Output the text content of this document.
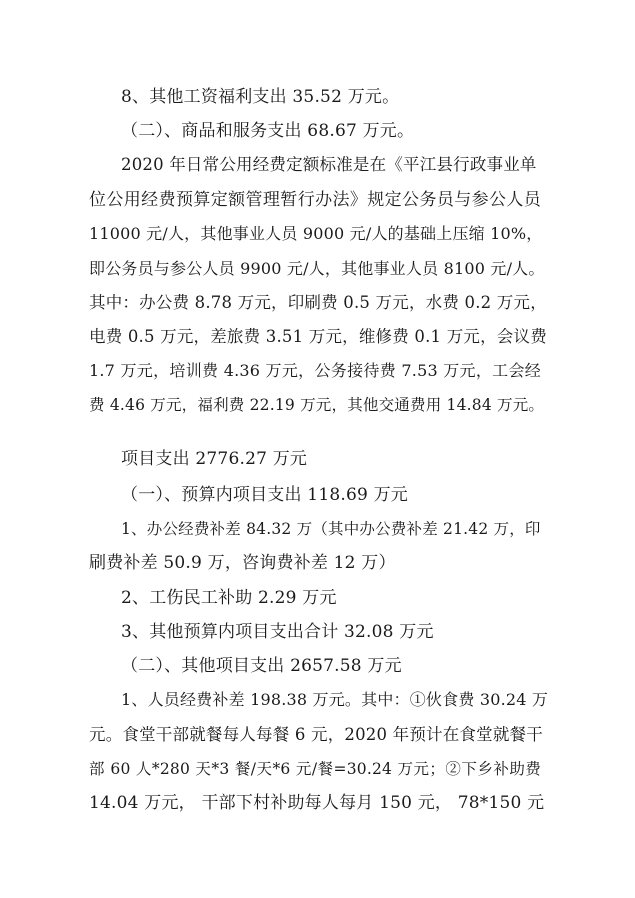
8、其他工资福利支出 35.52 万元。
（二）、商品和服务支出 68.67 万元。
2020 年日常公用经费定额标准是在《平江县行政事业单
位公用经费预算定额管理暂行办法》规定公务员与参公人员
11000 元/人，其他事业人员 9000 元/人的基础上压缩 10%，
即公务员与参公人员 9900 元/人，其他事业人员 8100 元/人。
其中：办公费 8.78 万元，印刷费 0.5 万元，水费 0.2 万元，
电费 0.5 万元，差旅费 3.51 万元，维修费 0.1 万元，会议费
1.7 万元，培训费 4.36 万元，公务接待费 7.53 万元，工会经
费 4.46 万元，福利费 22.19 万元，其他交通费用 14.84 万元。
项目支出 2776.27 万元
（一）、预算内项目支出 118.69 万元
1、办公经费补差 84.32 万（其中办公费补差 21.42 万，印
刷费补差 50.9 万，咨询费补差 12 万）
2、工伤民工补助 2.29 万元
3、其他预算内项目支出合计 32.08 万元
（二）、其他项目支出 2657.58 万元
1、人员经费补差 198.38 万元。其中：①伙食费 30.24 万
元。食堂干部就餐每人每餐 6 元，2020 年预计在食堂就餐干
部 60 人*280 天*3 餐/天*6 元/餐=30.24 万元；②下乡补助费
14.04 万元， 干部下村补助每人每月 150 元， 78*150 元
